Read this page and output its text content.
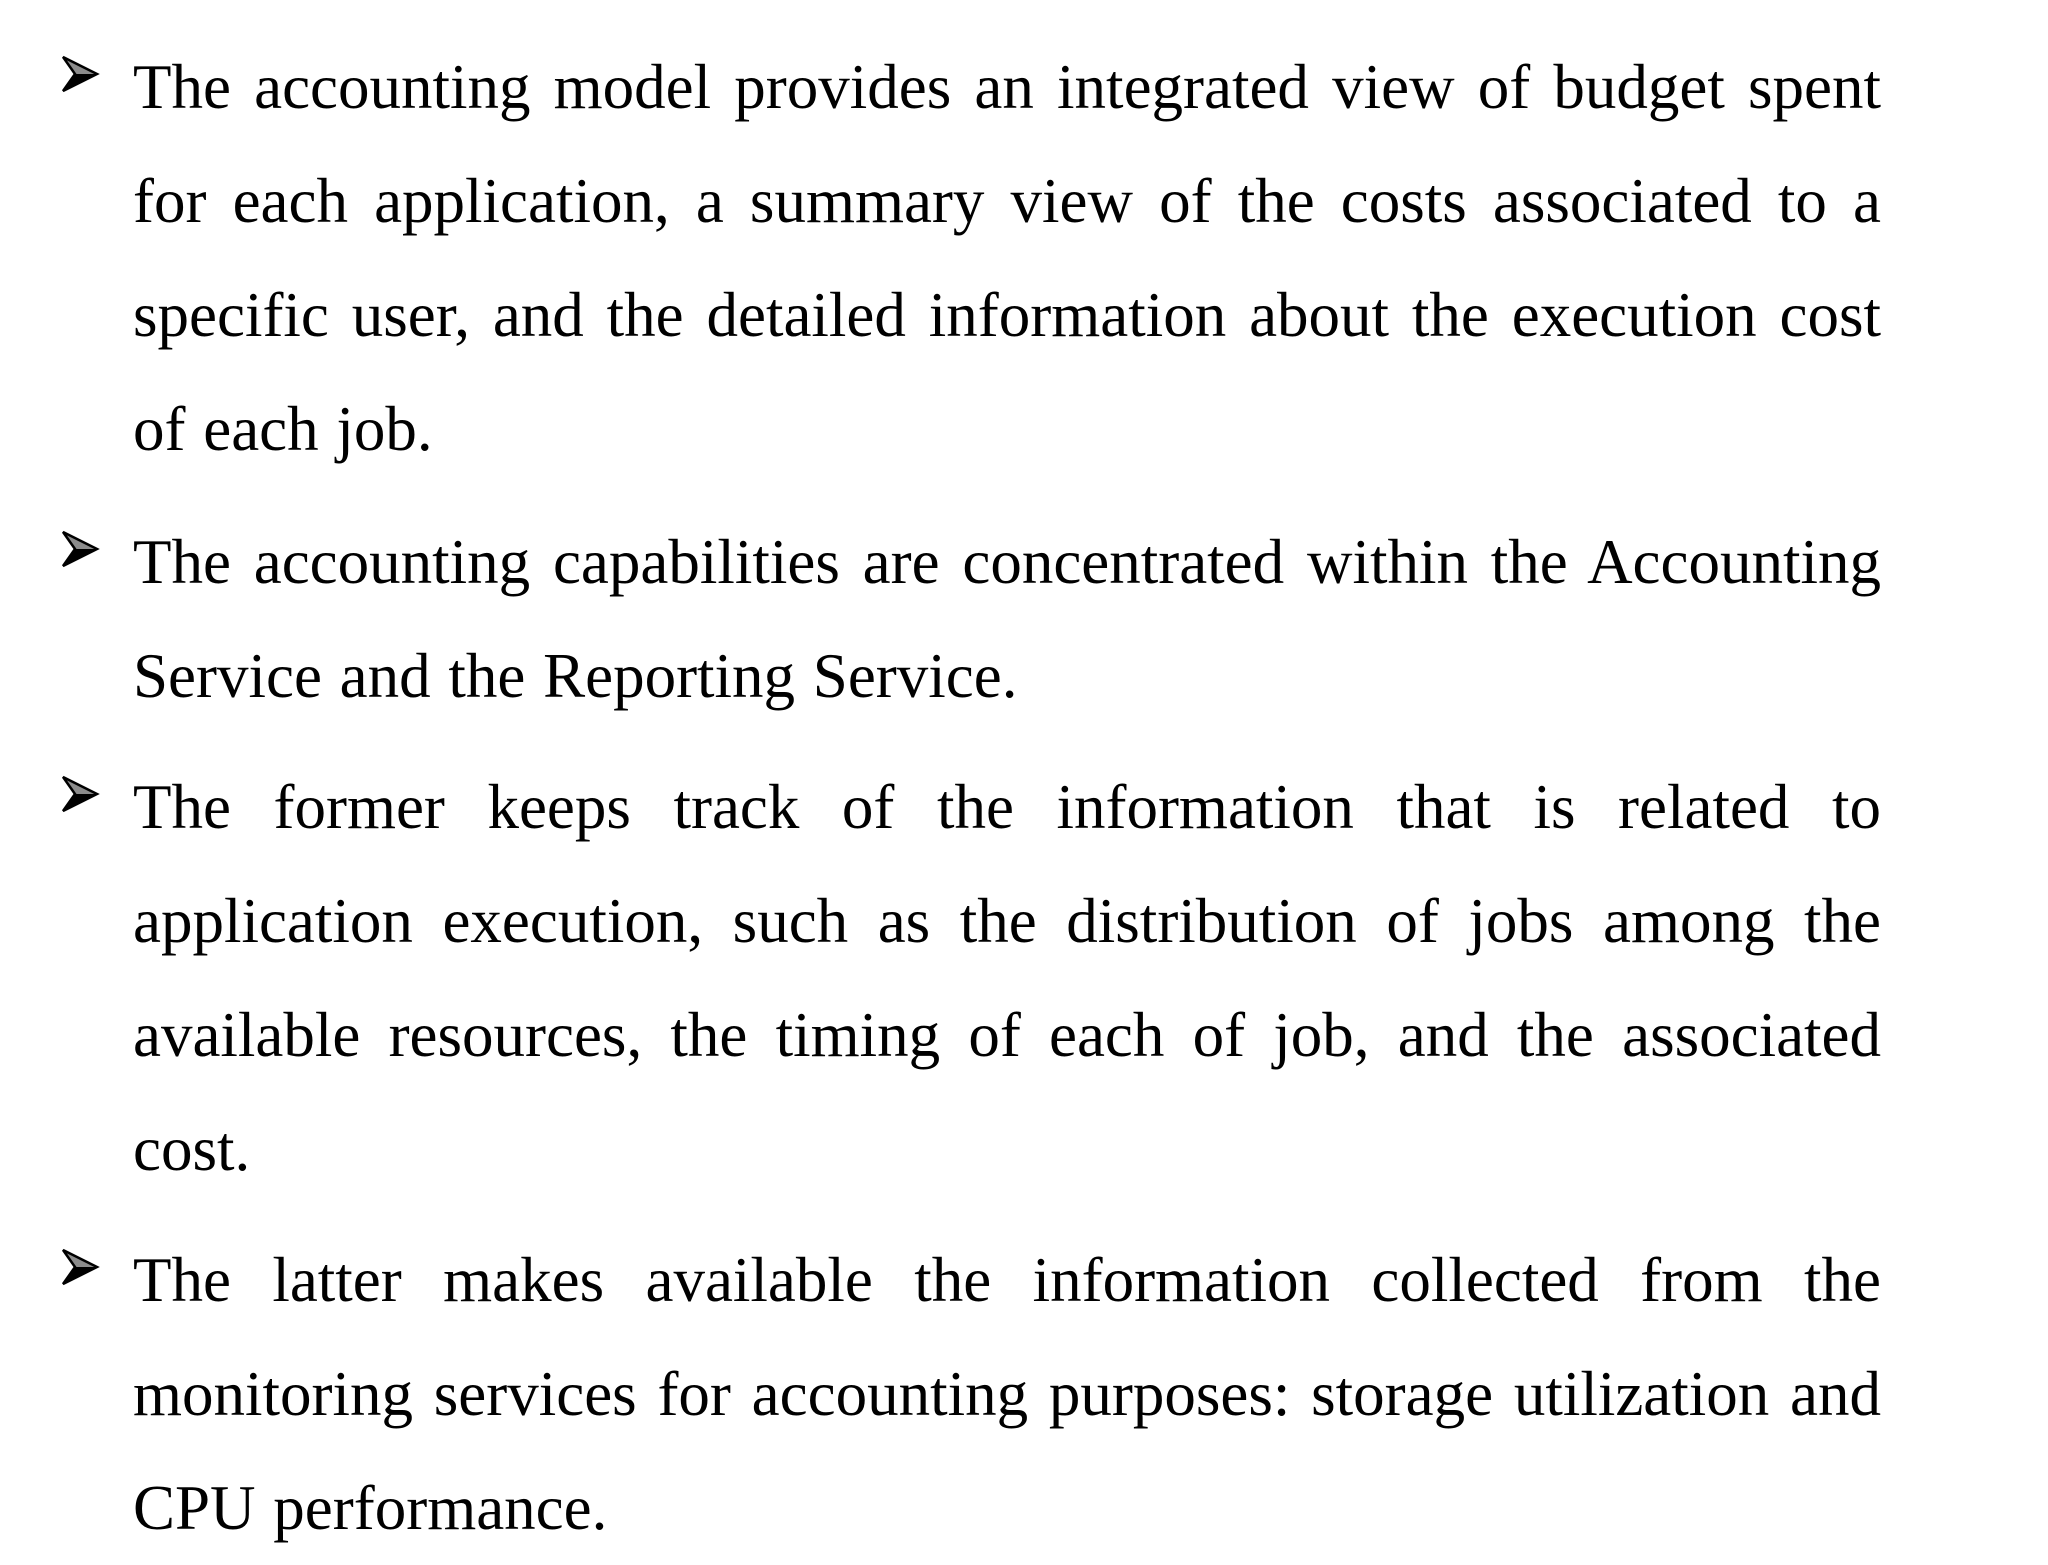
The accounting model provides an integrated view of budget spent for each application, a summary view of the costs associated to a specific user, and the detailed information about the execution cost of each job.

The accounting capabilities are concentrated within the Accounting Service and the Reporting Service.

The former keeps track of the information that is related to application execution, such as the distribution of jobs among the available resources, the timing of each of job, and the associated cost.

The latter makes available the information collected from the monitoring services for accounting purposes: storage utilization and CPU performance.
